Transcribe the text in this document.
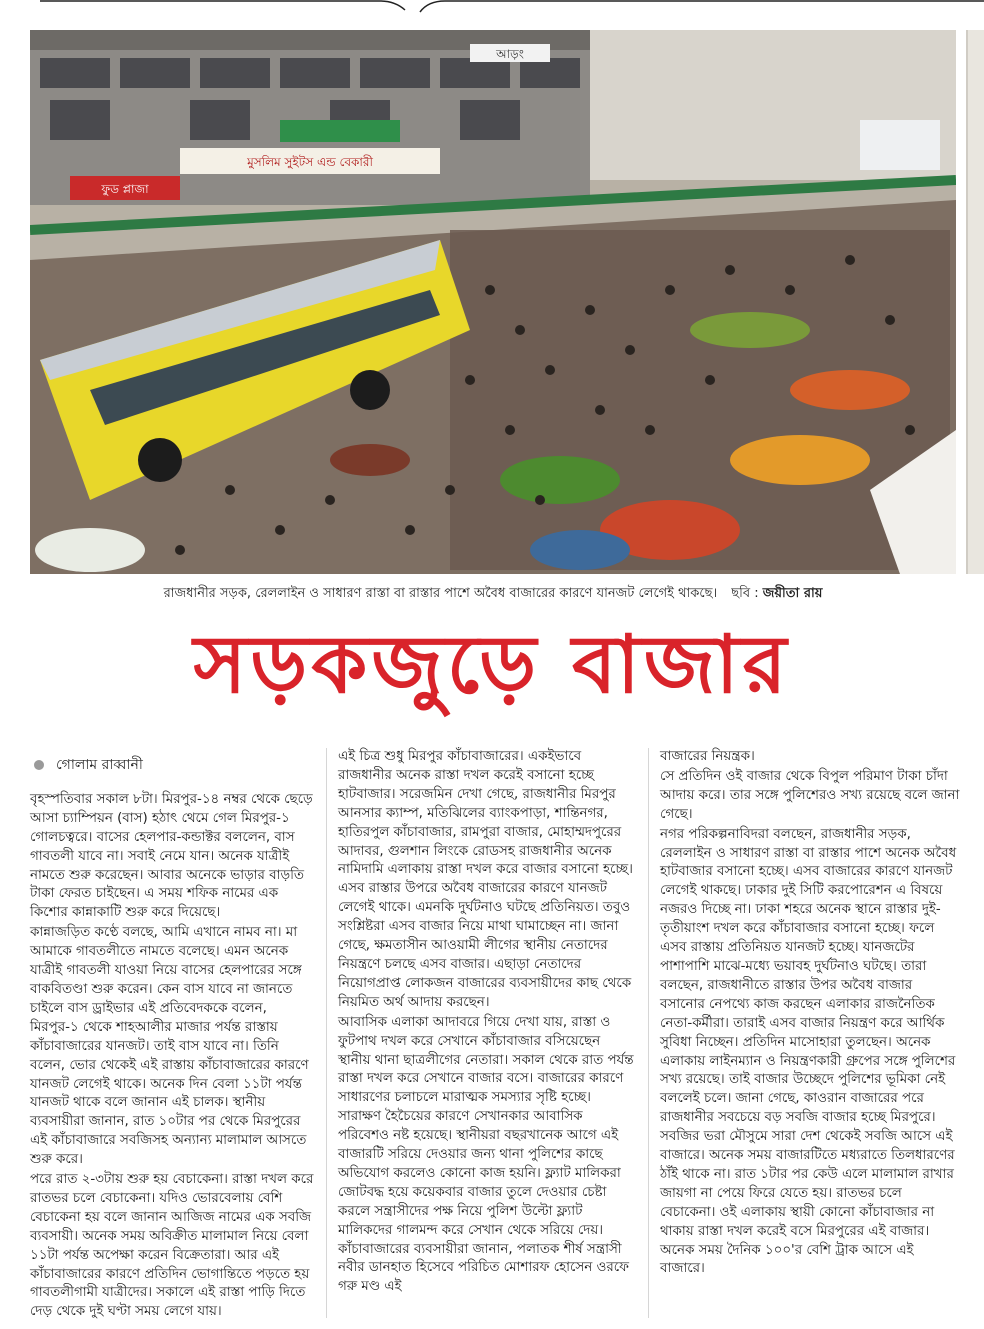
আড়ং
মুসলিম সুইটস এন্ড বেকারী
ফুড প্লাজা
রাজধানীর সড়ক, রেললাইন ও সাধারণ রাস্তা বা রাস্তার পাশে অবৈধ বাজারের কারণে যানজট লেগেই থাকছে। ছবি : জয়ীতা রায়
সড়কজুড়ে বাজার
গোলাম রাব্বানী

বৃহস্পতিবার সকাল ৮টা। মিরপুর-১৪ নম্বর থেকে ছেড়ে আসা চ্যাম্পিয়ন (বাস) হঠাৎ থেমে গেল মিরপুর-১ গোলচত্বরে। বাসের হেলপার-কন্ডাক্টর বললেন, বাস গাবতলী যাবে না। সবাই নেমে যান। অনেক যাত্রীই নামতে শুরু করেছেন। আবার অনেকে ভাড়ার বাড়তি টাকা ফেরত চাইছেন। এ সময় শফিক নামের এক কিশোর কান্নাকাটি শুরু করে দিয়েছে।

কান্নাজড়িত কণ্ঠে বলছে, আমি এখানে নামব না। মা আমাকে গাবতলীতে নামতে বলেছে। এমন অনেক যাত্রীই গাবতলী যাওয়া নিয়ে বাসের হেলপারের সঙ্গে বাকবিতণ্ডা শুরু করেন। কেন বাস যাবে না জানতে চাইলে বাস ড্রাইভার এই প্রতিবেদককে বলেন, মিরপুর-১ থেকে শাহআলীর মাজার পর্যন্ত রাস্তায় কাঁচাবাজারের যানজট। তাই বাস যাবে না। তিনি বলেন, ভোর থেকেই এই রাস্তায় কাঁচাবাজারের কারণে যানজট লেগেই থাকে। অনেক দিন বেলা ১১টা পর্যন্ত যানজট থাকে বলে জানান এই চালক। স্থানীয় ব্যবসায়ীরা জানান, রাত ১০টার পর থেকে মিরপুরের এই কাঁচাবাজারে সবজিসহ অন্যান্য মালামাল আসতে শুরু করে।

পরে রাত ২-৩টায় শুরু হয় বেচাকেনা। রাস্তা দখল করে রাতভর চলে বেচাকেনা। যদিও ভোরবেলায় বেশি বেচাকেনা হয় বলে জানান আজিজ নামের এক সবজি ব্যবসায়ী। অনেক সময় অবিক্রীত মালামাল নিয়ে বেলা ১১টা পর্যন্ত অপেক্ষা করেন বিক্রেতারা। আর এই কাঁচাবাজারের কারণে প্রতিদিন ভোগান্তিতে পড়তে হয় গাবতলীগামী যাত্রীদের। সকালে এই রাস্তা পাড়ি দিতে দেড় থেকে দুই ঘণ্টা সময় লেগে যায়।

এই চিত্র শুধু মিরপুর কাঁচাবাজারের। একইভাবে রাজধানীর অনেক রাস্তা দখল করেই বসানো হচ্ছে হাটবাজার। সরেজমিন দেখা গেছে, রাজধানীর মিরপুর আনসার ক্যাম্প, মতিঝিলের ব্যাংকপাড়া, শান্তিনগর, হাতিরপুল কাঁচাবাজার, রামপুরা বাজার, মোহাম্মদপুরের আদাবর, গুলশান লিংকে রোডসহ রাজধানীর অনেক নামিদামি এলাকায় রাস্তা দখল করে বাজার বসানো হচ্ছে। এসব রাস্তার উপরে অবৈধ বাজারের কারণে যানজট লেগেই থাকে। এমনকি দুর্ঘটনাও ঘটছে প্রতিনিয়ত। তবুও সংশ্লিষ্টরা এসব বাজার নিয়ে মাথা ঘামাচ্ছেন না। জানা গেছে, ক্ষমতাসীন আওয়ামী লীগের স্থানীয় নেতাদের নিয়ন্ত্রণে চলছে এসব বাজার। এছাড়া নেতাদের নিয়োগপ্রাপ্ত লোকজন বাজারের ব্যবসায়ীদের কাছ থেকে নিয়মিত অর্থ আদায় করছেন।

আবাসিক এলাকা আদাবরে গিয়ে দেখা যায়, রাস্তা ও ফুটপাথ দখল করে সেখানে কাঁচাবাজার বসিয়েছেন স্থানীয় থানা ছাত্রলীগের নেতারা। সকাল থেকে রাত পর্যন্ত রাস্তা দখল করে সেখানে বাজার বসে। বাজারের কারণে সাধারণের চলাচলে মারাত্মক সমস্যার সৃষ্টি হচ্ছে। সারাক্ষণ হৈচৈয়ের কারণে সেখানকার আবাসিক পরিবেশও নষ্ট হয়েছে। স্থানীয়রা বছরখানেক আগে এই বাজারটি সরিয়ে দেওয়ার জন্য থানা পুলিশের কাছে অভিযোগ করলেও কোনো কাজ হয়নি। ফ্ল্যাট মালিকরা জোটবদ্ধ হয়ে কয়েকবার বাজার তুলে দেওয়ার চেষ্টা করলে সন্ত্রাসীদের পক্ষ নিয়ে পুলিশ উল্টো ফ্ল্যাট মালিকদের গালমন্দ করে সেখান থেকে সরিয়ে দেয়। কাঁচাবাজারের ব্যবসায়ীরা জানান, পলাতক শীর্ষ সন্ত্রাসী নবীর ডানহাত হিসেবে পরিচিত মোশারফ হোসেন ওরফে গরু মণ্ড এই

বাজারের নিয়ন্ত্রক।

সে প্রতিদিন ওই বাজার থেকে বিপুল পরিমাণ টাকা চাঁদা আদায় করে। তার সঙ্গে পুলিশেরও সখ্য রয়েছে বলে জানা গেছে।

নগর পরিকল্পনাবিদরা বলছেন, রাজধানীর সড়ক, রেললাইন ও সাধারণ রাস্তা বা রাস্তার পাশে অনেক অবৈধ হাটবাজার বসানো হচ্ছে। এসব বাজারের কারণে যানজট লেগেই থাকছে। ঢাকার দুই সিটি করপোরেশন এ বিষয়ে নজরও দিচ্ছে না। ঢাকা শহরে অনেক স্থানে রাস্তার দুই-তৃতীয়াংশ দখল করে কাঁচাবাজার বসানো হচ্ছে। ফলে এসব রাস্তায় প্রতিনিয়ত যানজট হচ্ছে। যানজটের পাশাপাশি মাঝে-মধ্যে ভয়াবহ দুর্ঘটনাও ঘটছে। তারা বলছেন, রাজধানীতে রাস্তার উপর অবৈধ বাজার বসানোর নেপথ্যে কাজ করছেন এলাকার রাজনৈতিক নেতা-কর্মীরা। তারাই এসব বাজার নিয়ন্ত্রণ করে আর্থিক সুবিধা নিচ্ছেন। প্রতিদিন মাসোহারা তুলছেন। অনেক এলাকায় লাইনম্যান ও নিয়ন্ত্রণকারী গ্রুপের সঙ্গে পুলিশের সখ্য রয়েছে। তাই বাজার উচ্ছেদে পুলিশের ভূমিকা নেই বললেই চলে। জানা গেছে, কাওরান বাজারের পরে রাজধানীর সবচেয়ে বড় সবজি বাজার হচ্ছে মিরপুরে। সবজির ভরা মৌসুমে সারা দেশ থেকেই সবজি আসে এই বাজারে। অনেক সময় বাজারটিতে মধ্যরাতে তিলধারণের ঠাঁই থাকে না। রাত ১টার পর কেউ এলে মালামাল রাখার জায়গা না পেয়ে ফিরে যেতে হয়। রাতভর চলে বেচাকেনা। ওই এলাকায় স্থায়ী কোনো কাঁচাবাজার না থাকায় রাস্তা দখল করেই বসে মিরপুরের এই বাজার। অনেক সময় দৈনিক ১০০'র বেশি ট্রাক আসে এই বাজারে।
